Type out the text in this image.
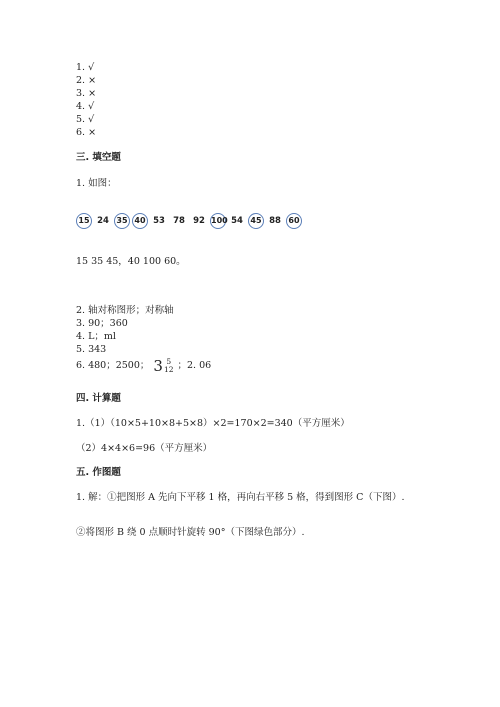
1. √
2. ×
3. ×
4. √
5. √
6. ×
三. 填空题
1. 如图：
15 24 35 40 53 78 92 100 54 45 88 60
15 35 45，40 100 60。
2. 轴对称图形；对称轴
3. 90；360
4. L；ml
5. 343
6. 480；2500； 3 5
12 ；2. 06
四. 计算题
1.（1）（10×5+10×8+5×8）×2=170×2=340（平方厘米）
（2）4×4×6=96（平方厘米）
五. 作图题
1. 解：①把图形 A 先向下平移 1 格，再向右平移 5 格，得到图形 C（下图）.
②将图形 B 绕 0 点顺时针旋转 90°（下图绿色部分）.
